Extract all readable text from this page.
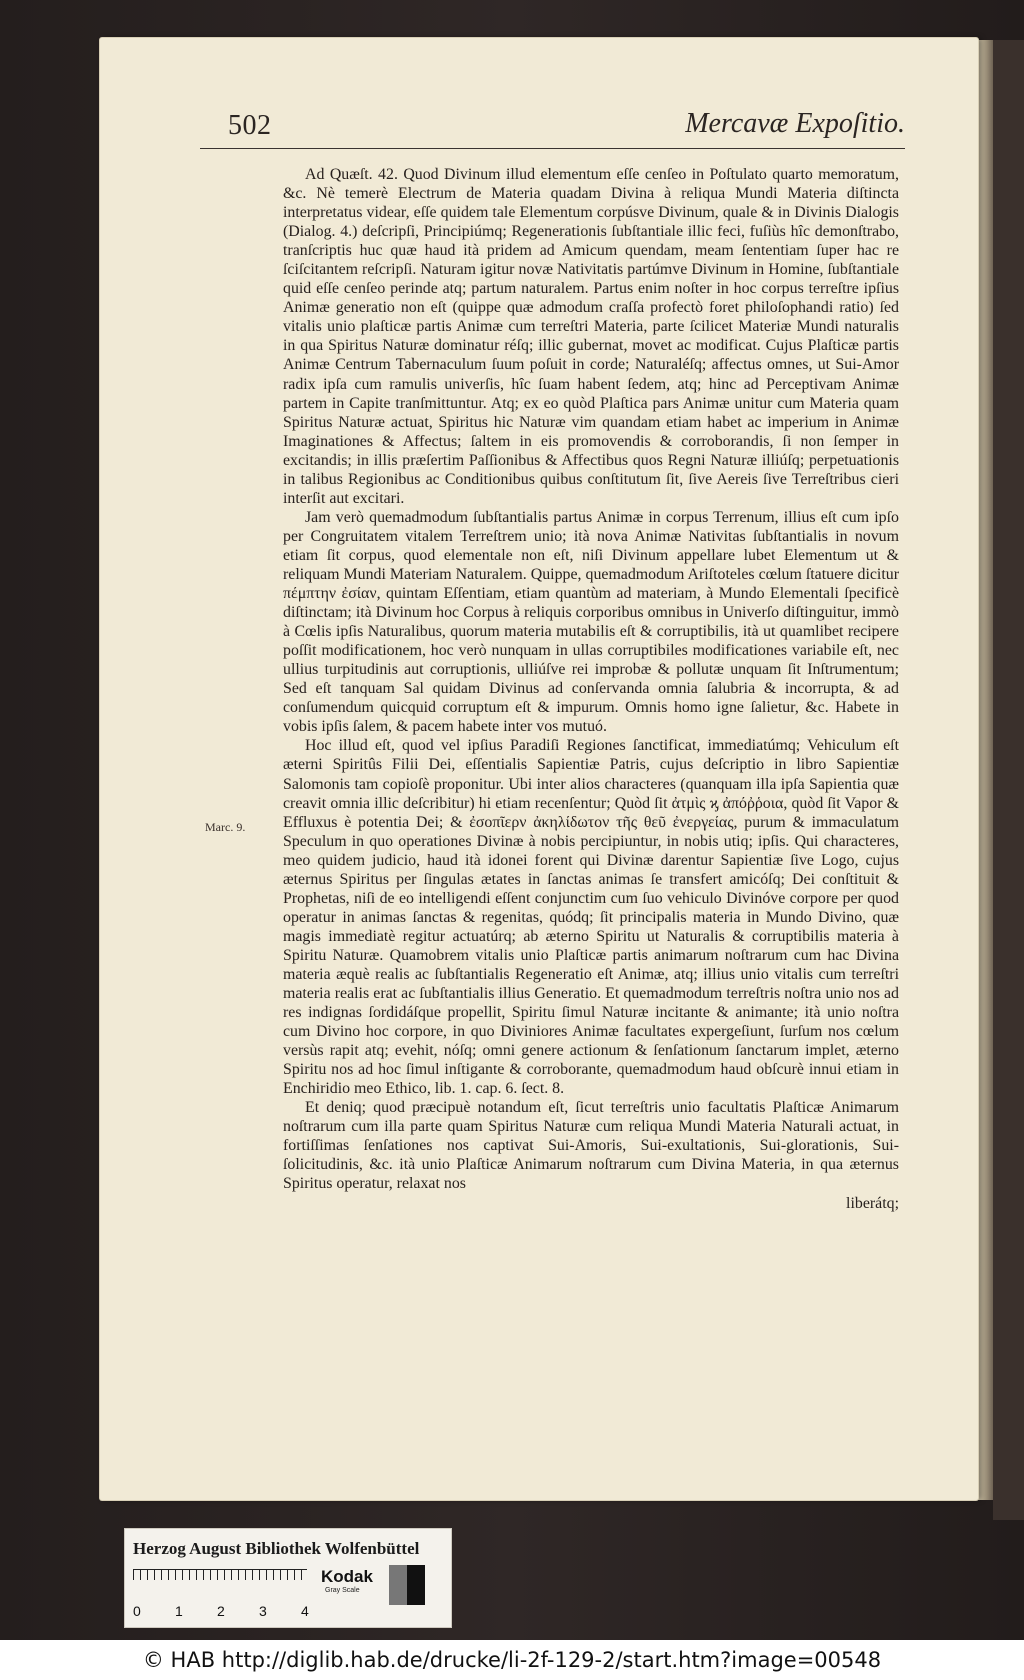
502	Mercavæ Expoſitio.
Marc. 9.

Ad Quæſt. 42. Quod Divinum illud elementum eſſe cenſeo in Poſtulato quarto memoratum, &c. Nè temerè Electrum de Materia quadam Divina à reliqua Mundi Materia diſtincta interpretatus videar, eſſe quidem tale Elementum corpúsve Divinum, quale & in Divinis Dialogis (Dialog. 4.) deſcripſi, Principiúmq; Regenerationis ſubſtantiale illic feci, fuſiùs hîc demonſtrabo, tranſcriptis huc quæ haud ità pridem ad Amicum quendam, meam ſententiam ſuper hac re ſciſcitantem reſcripſi. Naturam igitur novæ Nativitatis partúmve Divinum in Homine, ſubſtantiale quid eſſe cenſeo perinde atq; partum naturalem. Partus enim noſter in hoc corpus terreſtre ipſius Animæ generatio non eſt (quippe quæ admodum craſſa profectò foret philoſophandi ratio) ſed vitalis unio plaſticæ partis Animæ cum terreſtri Materia, parte ſcilicet Materiæ Mundi naturalis in qua Spiritus Naturæ dominatur réſq; illic gubernat, movet ac modificat. Cujus Plaſticæ partis Animæ Centrum Tabernaculum ſuum poſuit in corde; Naturaléſq; affectus omnes, ut Sui-Amor radix ipſa cum ramulis univerſis, hîc ſuam habent ſedem, atq; hinc ad Perceptivam Animæ partem in Capite tranſmittuntur. Atq; ex eo quòd Plaſtica pars Animæ unitur cum Materia quam Spiritus Naturæ actuat, Spiritus hic Naturæ vim quandam etiam habet ac imperium in Animæ Imaginationes & Affectus; ſaltem in eis promovendis & corroborandis, ſi non ſemper in excitandis; in illis præſertim Paſſionibus & Affectibus quos Regni Naturæ illiúſq; perpetuationis in talibus Regionibus ac Conditionibus quibus conſtitutum ſit, ſive Aereis ſive Terreſtribus cieri interſit aut excitari.

Jam verò quemadmodum ſubſtantialis partus Animæ in corpus Terrenum, illius eſt cum ipſo per Congruitatem vitalem Terreſtrem unio; ità nova Animæ Nativitas ſubſtantialis in novum etiam ſit corpus, quod elementale non eſt, niſi Divinum appellare lubet Elementum ut & reliquam Mundi Materiam Naturalem. Quippe, quemadmodum Ariſtoteles cœlum ſtatuere dicitur πέμπτην ἐσίαν, quintam Eſſentiam, etiam quantùm ad materiam, à Mundo Elementali ſpecificè diſtinctam; ità Divinum hoc Corpus à reliquis corporibus omnibus in Univerſo diſtinguitur, immò à Cœlis ipſis Naturalibus, quorum materia mutabilis eſt & corruptibilis, ità ut quamlibet recipere poſſit modificationem, hoc verò nunquam in ullas corruptibiles modificationes variabile eſt, nec ullius turpitudinis aut corruptionis, ulliúſve rei improbæ & pollutæ unquam ſit Inſtrumentum; Sed eſt tanquam Sal quidam Divinus ad conſervanda omnia ſalubria & incorrupta, & ad conſumendum quicquid corruptum eſt & impurum. Omnis homo igne ſalietur, &c. Habete in vobis ipſis ſalem, & pacem habete inter vos mutuó.

Hoc illud eſt, quod vel ipſius Paradiſi Regiones ſanctificat, immediatúmq; Vehiculum eſt æterni Spiritûs Filii Dei, eſſentialis Sapientiæ Patris, cujus deſcriptio in libro Sapientiæ Salomonis tam copioſè proponitur. Ubi inter alios characteres (quanquam illa ipſa Sapientia quæ creavit omnia illic deſcribitur) hi etiam recenſentur; Quòd ſit ἀτμὶς ϗ ἀπόῤῥοια, quòd ſit Vapor & Effluxus è potentia Dei; & ἐσοπῖερν ἀκηλίδωτον τῆς θεῦ ἐνεργείας, purum & immaculatum Speculum in quo operationes Divinæ à nobis percipiuntur, in nobis utiq; ipſis. Qui characteres, meo quidem judicio, haud ità idonei forent qui Divinæ darentur Sapientiæ ſive Logo, cujus æternus Spiritus per ſingulas ætates in ſanctas animas ſe transfert amicóſq; Dei conſtituit & Prophetas, niſi de eo intelligendi eſſent conjunctim cum ſuo vehiculo Divinóve corpore per quod operatur in animas ſanctas & regenitas, quódq; ſit principalis materia in Mundo Divino, quæ magis immediatè regitur actuatúrq; ab æterno Spiritu ut Naturalis & corruptibilis materia à Spiritu Naturæ. Quamobrem vitalis unio Plaſticæ partis animarum noſtrarum cum hac Divina materia æquè realis ac ſubſtantialis Regeneratio eſt Animæ, atq; illius unio vitalis cum terreſtri materia realis erat ac ſubſtantialis illius Generatio. Et quemadmodum terreſtris noſtra unio nos ad res indignas ſordidáſque propellit, Spiritu ſimul Naturæ incitante & animante; ità unio noſtra cum Divino hoc corpore, in quo Diviniores Animæ facultates expergeſiunt, ſurſum nos cœlum versùs rapit atq; evehit, nóſq; omni genere actionum & ſenſationum ſanctarum implet, æterno Spiritu nos ad hoc ſimul inſtigante & corroborante, quemadmodum haud obſcurè innui etiam in Enchiridio meo Ethico, lib. 1. cap. 6. ſect. 8.

Et deniq; quod præcipuè notandum eſt, ſicut terreſtris unio facultatis Plaſticæ Animarum noſtrarum cum illa parte quam Spiritus Naturæ cum reliqua Mundi Materia Naturali actuat, in fortiſſimas ſenſationes nos captivat Sui-Amoris, Sui-exultationis, Sui-glorationis, Sui-ſolicitudinis, &c. ità unio Plaſticæ Animarum noſtrarum cum Divina Materia, in qua æternus Spiritus operatur, relaxat nos

liberátq;

Herzog August Bibliothek Wolfenbüttel
0 1 2 3 4
Kodak
Gray Scale
© HAB http://diglib.hab.de/drucke/li-2f-129-2/start.htm?image=00548
